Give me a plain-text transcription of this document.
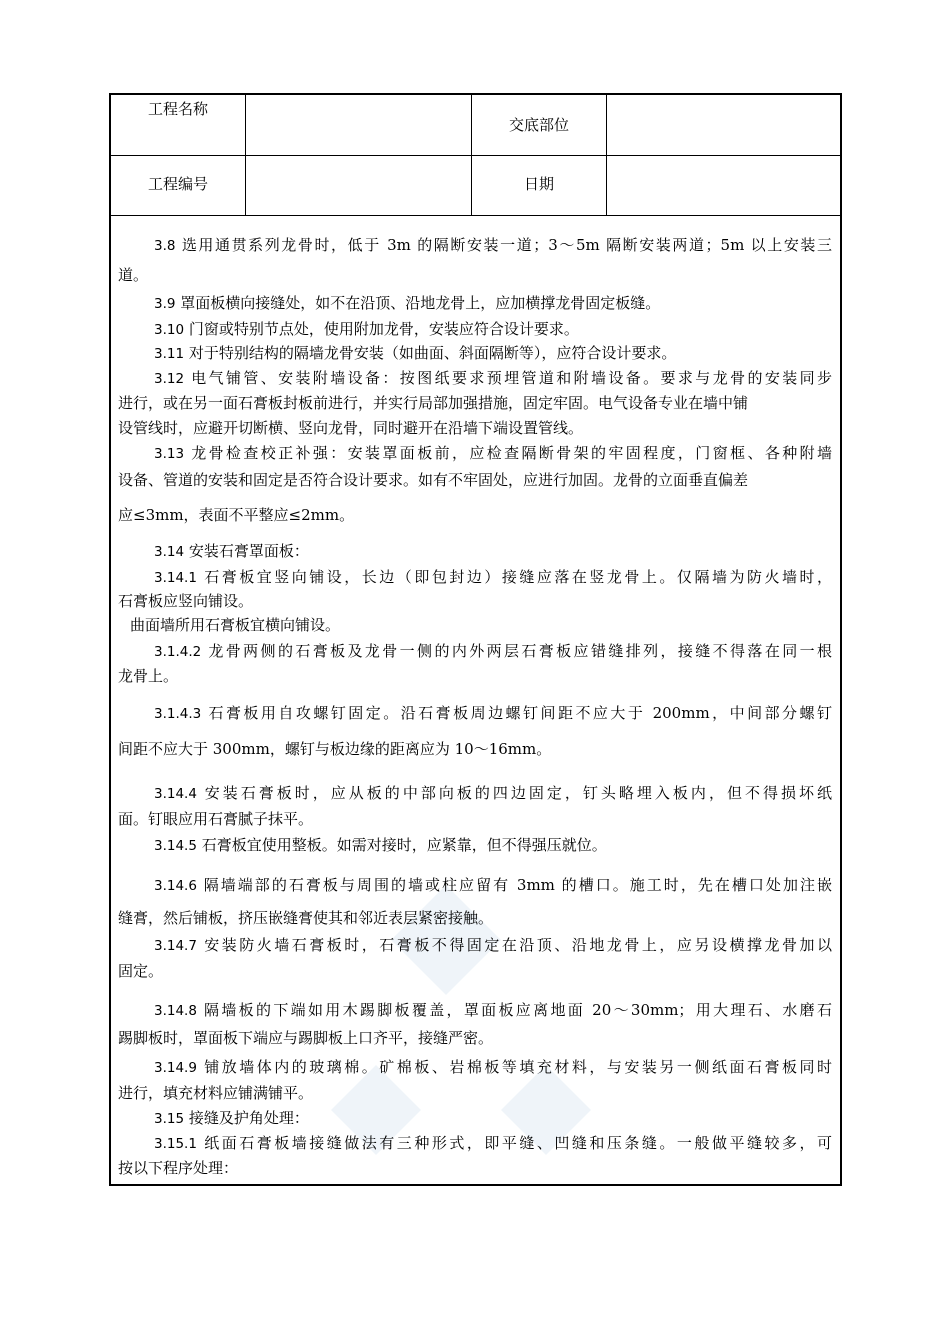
工程名称
交底部位
工程编号	日期
3.8 选用通贯系列龙骨时，低于 3m 的隔断安装一道；3～5m 隔断安装两道；5m 以上安装三
道。
3.9 罩面板横向接缝处，如不在沿顶、沿地龙骨上，应加横撑龙骨固定板缝。
3.10 门窗或特别节点处，使用附加龙骨，安装应符合设计要求。
3.11 对于特别结构的隔墙龙骨安装（如曲面、斜面隔断等），应符合设计要求。
3.12 电气铺管、安装附墙设备：按图纸要求预埋管道和附墙设备。要求与龙骨的安装同步
进行，或在另一面石膏板封板前进行，并实行局部加强措施，固定牢固。电气设备专业在墙中铺
设管线时，应避开切断横、竖向龙骨，同时避开在沿墙下端设置管线。
3.13 龙骨检查校正补强：安装罩面板前，应检查隔断骨架的牢固程度，门窗框、各种附墙
设备、管道的安装和固定是否符合设计要求。如有不牢固处，应进行加固。龙骨的立面垂直偏差
应≤3mm，表面不平整应≤2mm。
3.14 安装石膏罩面板：
3.14.1 石膏板宜竖向铺设，长边（即包封边）接缝应落在竖龙骨上。仅隔墙为防火墙时，
石膏板应竖向铺设。
曲面墙所用石膏板宜横向铺设。
3.1.4.2 龙骨两侧的石膏板及龙骨一侧的内外两层石膏板应错缝排列，接缝不得落在同一根
龙骨上。
3.1.4.3 石膏板用自攻螺钉固定。沿石膏板周边螺钉间距不应大于 200mm，中间部分螺钉
间距不应大于 300mm，螺钉与板边缘的距离应为 10～16mm。
3.14.4 安装石膏板时，应从板的中部向板的四边固定，钉头略埋入板内，但不得损坏纸
面。钉眼应用石膏腻子抹平。
3.14.5 石膏板宜使用整板。如需对接时，应紧靠，但不得强压就位。
3.14.6 隔墙端部的石膏板与周围的墙或柱应留有 3mm 的槽口。施工时，先在槽口处加注嵌
缝膏，然后铺板，挤压嵌缝膏使其和邻近表层紧密接触。
3.14.7 安装防火墙石膏板时，石膏板不得固定在沿顶、沿地龙骨上，应另设横撑龙骨加以
固定。
3.14.8 隔墙板的下端如用木踢脚板覆盖，罩面板应离地面 20～30mm；用大理石、水磨石
踢脚板时，罩面板下端应与踢脚板上口齐平，接缝严密。
3.14.9 铺放墙体内的玻璃棉。矿棉板、岩棉板等填充材料，与安装另一侧纸面石膏板同时
进行，填充材料应铺满铺平。
3.15 接缝及护角处理：
3.15.1 纸面石膏板墙接缝做法有三种形式，即平缝、凹缝和压条缝。一般做平缝较多，可
按以下程序处理：
